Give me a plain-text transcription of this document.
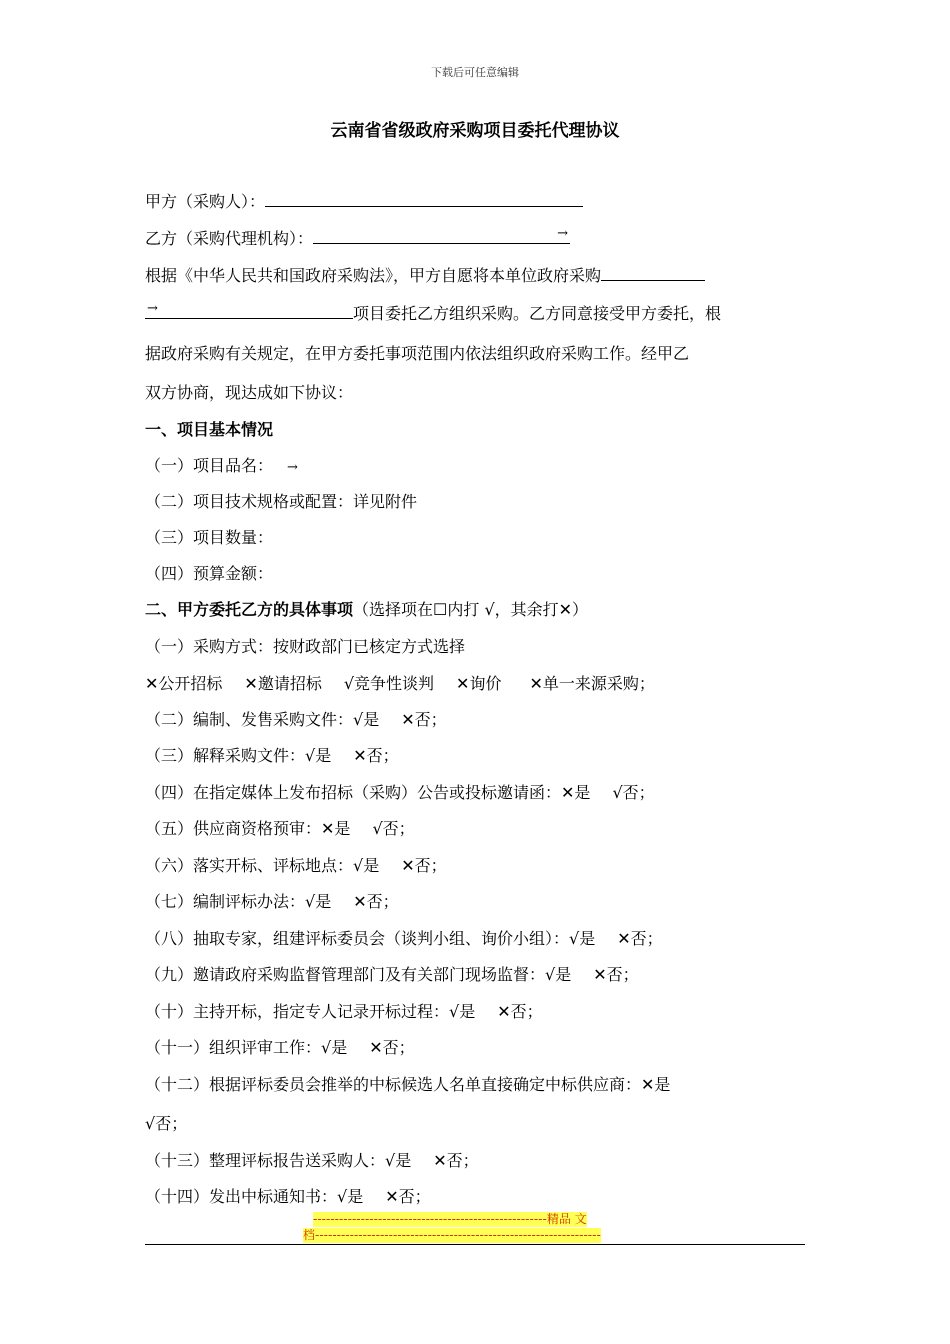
下载后可任意编辑
云南省省级政府采购项目委托代理协议
甲方（采购人）：
乙方（采购代理机构）：	→
根据《中华人民共和国政府采购法》，甲方自愿将本单位政府采购
→	项目委托乙方组织采购。乙方同意接受甲方委托，根
据政府采购有关规定，在甲方委托事项范围内依法组织政府采购工作。经甲乙
双方协商，现达成如下协议：
一、项目基本情况
（一）项目品名： →
（二）项目技术规格或配置：详见附件
（三）项目数量：
（四）预算金额：
二、甲方委托乙方的具体事项（选择项在☐内打 √，其余打✕）
（一）采购方式：按财政部门已核定方式选择
✕公开招标 ✕邀请招标 √竞争性谈判 ✕询价 ✕单一来源采购；
（二）编制、发售采购文件：√是 ✕否；
（三）解释采购文件：√是 ✕否；
（四）在指定媒体上发布招标（采购）公告或投标邀请函：✕是 √否；
（五）供应商资格预审：✕是 √否；
（六）落实开标、评标地点：√是 ✕否；
（七）编制评标办法：√是 ✕否；
（八）抽取专家，组建评标委员会（谈判小组、询价小组）：√是 ✕否；
（九）邀请政府采购监督管理部门及有关部门现场监督：√是 ✕否；
（十）主持开标，指定专人记录开标过程：√是 ✕否；
（十一）组织评审工作：√是 ✕否；
（十二）根据评标委员会推举的中标候选人名单直接确定中标供应商：✕是
√否；
（十三）整理评标报告送采购人：√是 ✕否；
（十四）发出中标通知书：√是 ✕否；
------------------------------------------------------精品 文
档------------------------------------------------------------------
